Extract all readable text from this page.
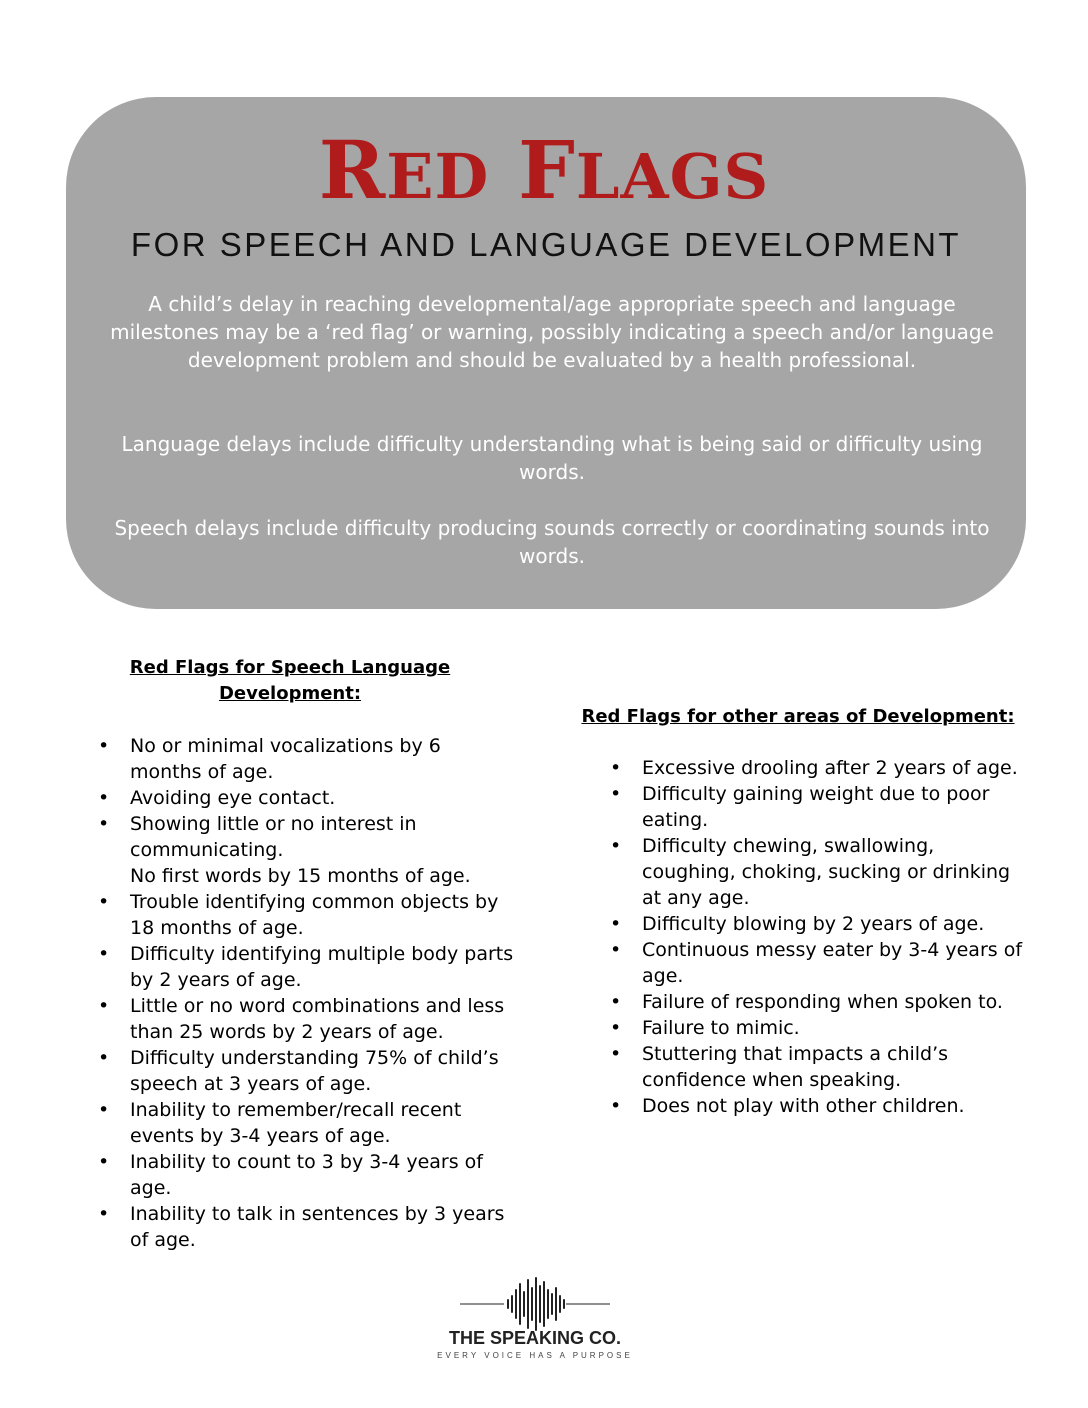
RED FLAGS
FOR SPEECH AND LANGUAGE DEVELOPMENT
A child’s delay in reaching developmental/age appropriate speech and language milestones may be a ‘red flag’ or warning, possibly indicating a speech and/or language development problem and should be evaluated by a health professional.
Language delays include difficulty understanding what is being said or difficulty using words.
Speech delays include difficulty producing sounds correctly or coordinating sounds into words.
Red Flags for Speech Language
Development:
• No or minimal vocalizations by 6 months of age.
• Avoiding eye contact.
• Showing little or no interest in communicating.
No first words by 15 months of age.
• Trouble identifying common objects by 18 months of age.
• Difficulty identifying multiple body parts by 2 years of age.
• Little or no word combinations and less than 25 words by 2 years of age.
• Difficulty understanding 75% of child’s speech at 3 years of age.
• Inability to remember/recall recent events by 3-4 years of age.
• Inability to count to 3 by 3-4 years of age.
• Inability to talk in sentences by 3 years of age.
Red Flags for other areas of Development:
• Excessive drooling after 2 years of age.
• Difficulty gaining weight due to poor eating.
• Difficulty chewing, swallowing, coughing, choking, sucking or drinking at any age.
• Difficulty blowing by 2 years of age.
• Continuous messy eater by 3-4 years of age.
• Failure of responding when spoken to.
• Failure to mimic.
• Stuttering that impacts a child’s confidence when speaking.
• Does not play with other children.
THE SPEAKING CO.
EVERY VOICE HAS A PURPOSE
